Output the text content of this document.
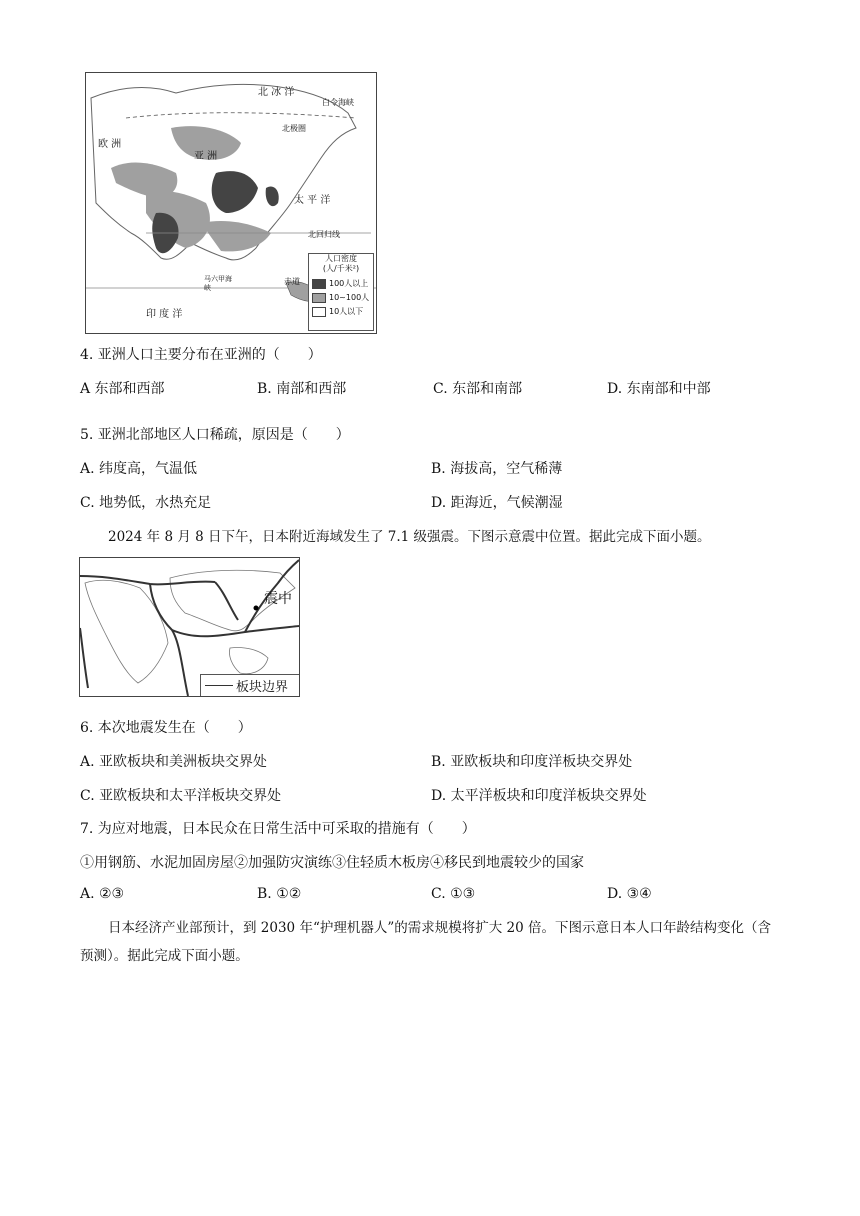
北 冰 洋
白令海峡
北极圈
欧 洲
亚 洲
太 平 洋
北回归线
马六甲海峡
赤道
印 度 洋
人口密度
(人/千米²)
100人以上
10~100人
10人以下
4. 亚洲人口主要分布在亚洲的（　　）
A 东部和西部	B. 南部和西部	C. 东部和南部	D. 东南部和中部
5. 亚洲北部地区人口稀疏，原因是（　　）
A. 纬度高，气温低	B. 海拔高，空气稀薄
C. 地势低，水热充足	D. 距海近，气候潮湿
2024 年 8 月 8 日下午，日本附近海域发生了 7.1 级强震。下图示意震中位置。据此完成下面小题。
震中
板块边界
6. 本次地震发生在（　　）
A. 亚欧板块和美洲板块交界处	B. 亚欧板块和印度洋板块交界处
C. 亚欧板块和太平洋板块交界处	D. 太平洋板块和印度洋板块交界处
7. 为应对地震，日本民众在日常生活中可采取的措施有（　　）
①用钢筋、水泥加固房屋②加强防灾演练③住轻质木板房④移民到地震较少的国家
A. ②③	B. ①②	C. ①③	D. ③④
日本经济产业部预计，到 2030 年“护理机器人”的需求规模将扩大 20 倍。下图示意日本人口年龄结构变化（含预测）。据此完成下面小题。
